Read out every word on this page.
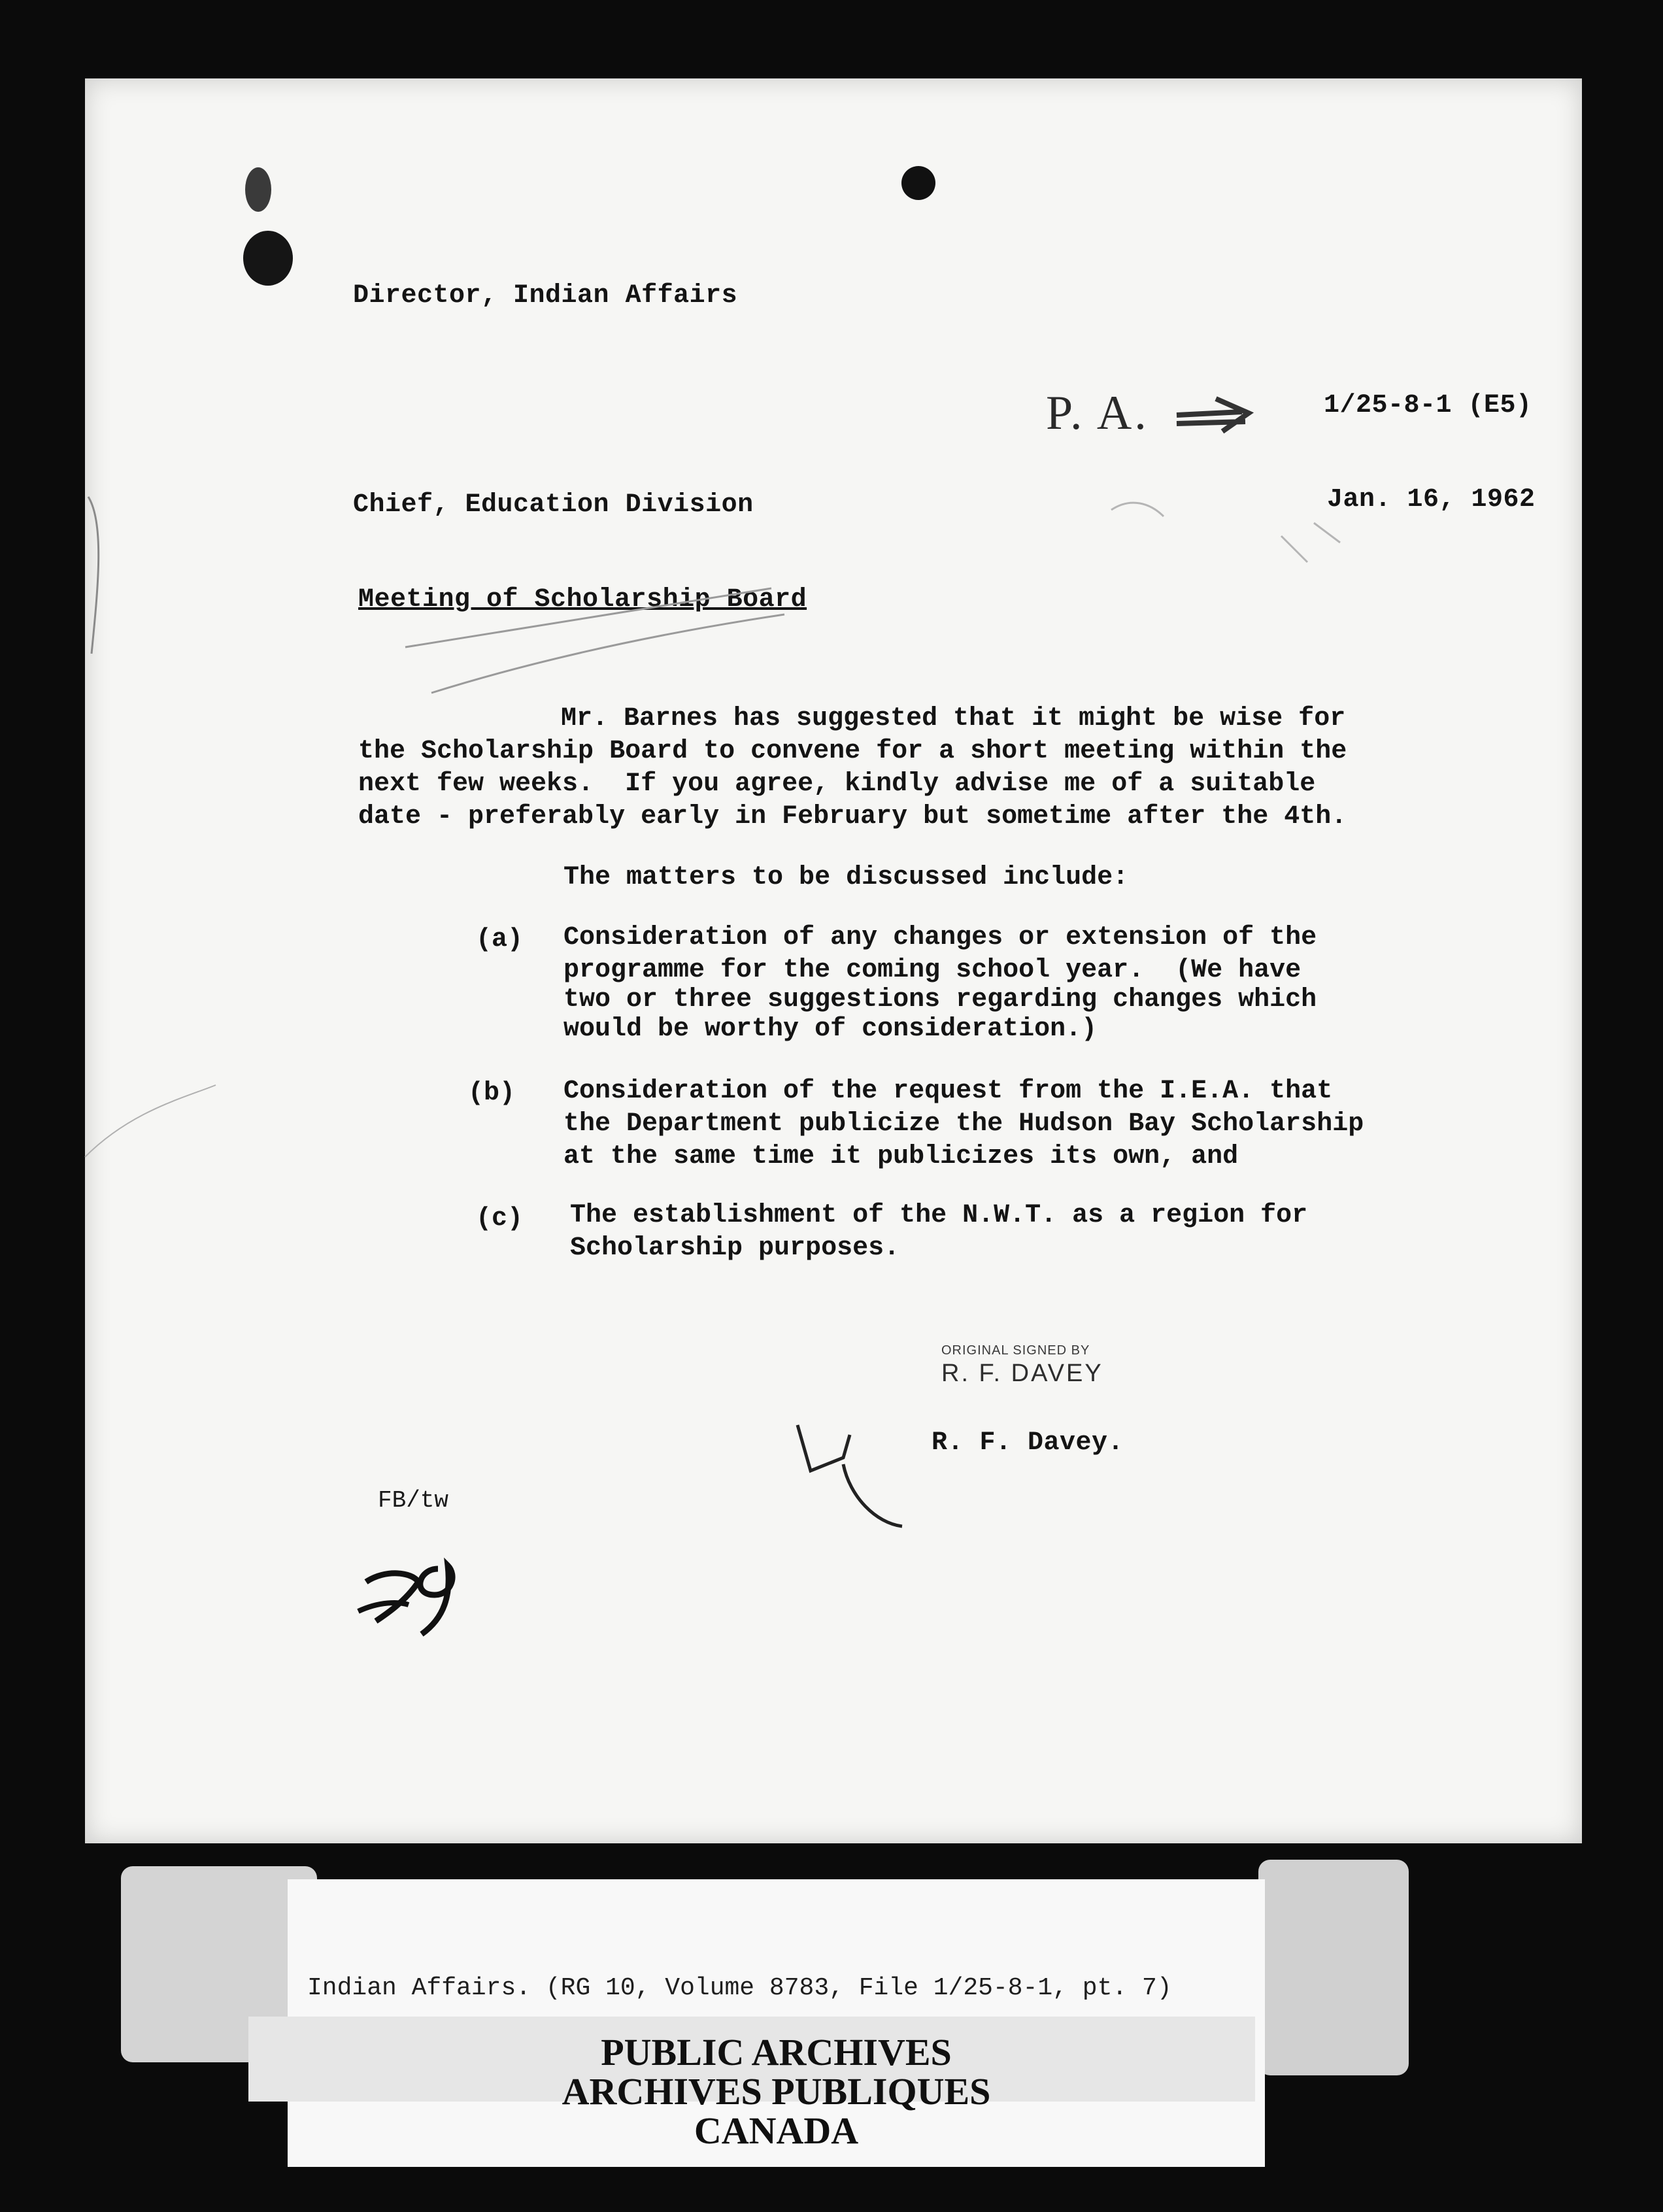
Director, Indian Affairs
P. A.	1/25-8-1 (E5)
Chief, Education Division	Jan. 16, 1962
Meeting of Scholarship Board
Mr. Barnes has suggested that it might be wise for
the Scholarship Board to convene for a short meeting within the
next few weeks.  If you agree, kindly advise me of a suitable
date - preferably early in February but sometime after the 4th.
The matters to be discussed include:
(a) Consideration of any changes or extension of the
programme for the coming school year.  (We have
two or three suggestions regarding changes which
would be worthy of consideration.)
(b) Consideration of the request from the I.E.A. that
the Department publicize the Hudson Bay Scholarship
at the same time it publicizes its own, and
(c) The establishment of the N.W.T. as a region for
Scholarship purposes.
ORIGINAL SIGNED BY
R. F. DAVEY
R. F. Davey.
FB/tw
Indian Affairs. (RG 10, Volume 8783, File 1/25-8-1, pt. 7)
PUBLIC ARCHIVES
ARCHIVES PUBLIQUES
CANADA
